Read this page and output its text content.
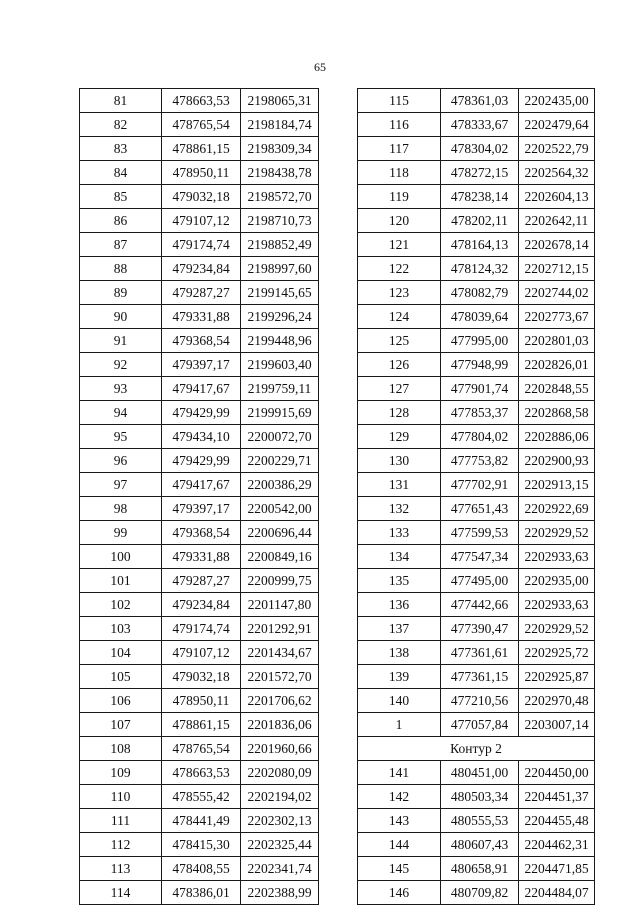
65
81	478663,53	2198065,31
82	478765,54	2198184,74
83	478861,15	2198309,34
84	478950,11	2198438,78
85	479032,18	2198572,70
86	479107,12	2198710,73
87	479174,74	2198852,49
88	479234,84	2198997,60
89	479287,27	2199145,65
90	479331,88	2199296,24
91	479368,54	2199448,96
92	479397,17	2199603,40
93	479417,67	2199759,11
94	479429,99	2199915,69
95	479434,10	2200072,70
96	479429,99	2200229,71
97	479417,67	2200386,29
98	479397,17	2200542,00
99	479368,54	2200696,44
100	479331,88	2200849,16
101	479287,27	2200999,75
102	479234,84	2201147,80
103	479174,74	2201292,91
104	479107,12	2201434,67
105	479032,18	2201572,70
106	478950,11	2201706,62
107	478861,15	2201836,06
108	478765,54	2201960,66
109	478663,53	2202080,09
110	478555,42	2202194,02
111	478441,49	2202302,13
112	478415,30	2202325,44
113	478408,55	2202341,74
114	478386,01	2202388,99
115	478361,03	2202435,00
116	478333,67	2202479,64
117	478304,02	2202522,79
118	478272,15	2202564,32
119	478238,14	2202604,13
120	478202,11	2202642,11
121	478164,13	2202678,14
122	478124,32	2202712,15
123	478082,79	2202744,02
124	478039,64	2202773,67
125	477995,00	2202801,03
126	477948,99	2202826,01
127	477901,74	2202848,55
128	477853,37	2202868,58
129	477804,02	2202886,06
130	477753,82	2202900,93
131	477702,91	2202913,15
132	477651,43	2202922,69
133	477599,53	2202929,52
134	477547,34	2202933,63
135	477495,00	2202935,00
136	477442,66	2202933,63
137	477390,47	2202929,52
138	477361,61	2202925,72
139	477361,15	2202925,87
140	477210,56	2202970,48
1	477057,84	2203007,14
Контур 2		
141	480451,00	2204450,00
142	480503,34	2204451,37
143	480555,53	2204455,48
144	480607,43	2204462,31
145	480658,91	2204471,85
146	480709,82	2204484,07
